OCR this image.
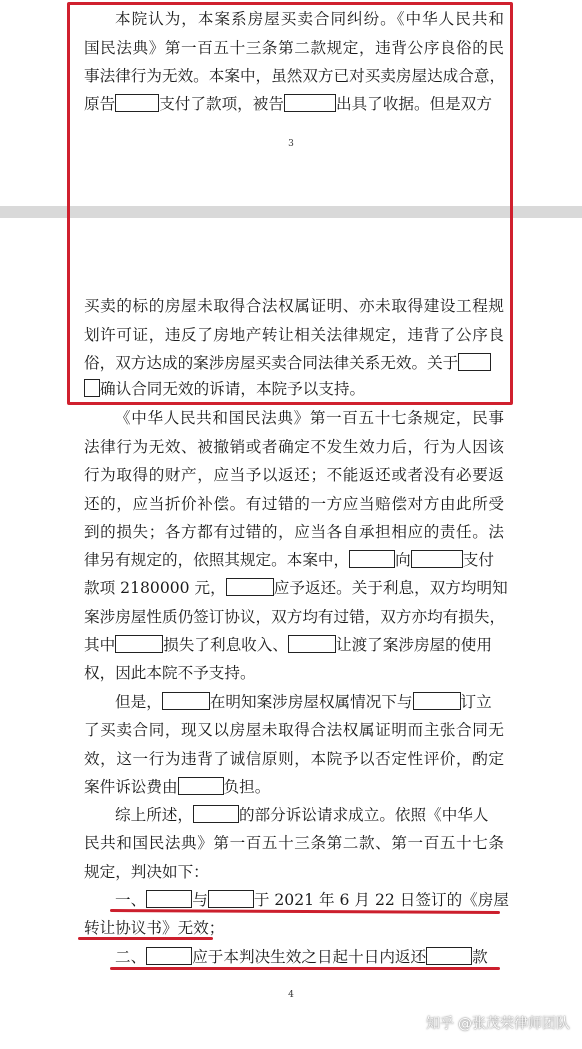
本院认为，本案系房屋买卖合同纠纷。《中华人民共和
国民法典》第一百五十三条第二款规定，违背公序良俗的民
事法律行为无效。本案中，虽然双方已对买卖房屋达成合意，
原告	支付了款项，被告	出具了收据。但是双方
3
买卖的标的房屋未取得合法权属证明、亦未取得建设工程规
划许可证，违反了房地产转让相关法律规定，违背了公序良
俗，双方达成的案涉房屋买卖合同法律关系无效。关于
确认合同无效的诉请，本院予以支持。
《中华人民共和国民法典》第一百五十七条规定，民事
法律行为无效、被撤销或者确定不发生效力后，行为人因该
行为取得的财产，应当予以返还；不能返还或者没有必要返
还的，应当折价补偿。有过错的一方应当赔偿对方由此所受
到的损失；各方都有过错的，应当各自承担相应的责任。法
律另有规定的，依照其规定。本案中，	向	支付
款项 2180000 元，	应予返还。关于利息，双方均明知
案涉房屋性质仍签订协议，双方均有过错，双方亦均有损失，
其中	损失了利息收入、	让渡了案涉房屋的使用
权，因此本院不予支持。
但是，	在明知案涉房屋权属情况下与	订立
了买卖合同，现又以房屋未取得合法权属证明而主张合同无
效，这一行为违背了诚信原则，本院予以否定性评价，酌定
案件诉讼费由	负担。
综上所述，	的部分诉讼请求成立。依照《中华人
民共和国民法典》第一百五十三条第二款、第一百五十七条
规定，判决如下：
一、	与	于 2021 年 6 月 22 日签订的《房屋
转让协议书》无效；
二、	应于本判决生效之日起十日内返还	款
4
知乎 @张茂荣律师团队
